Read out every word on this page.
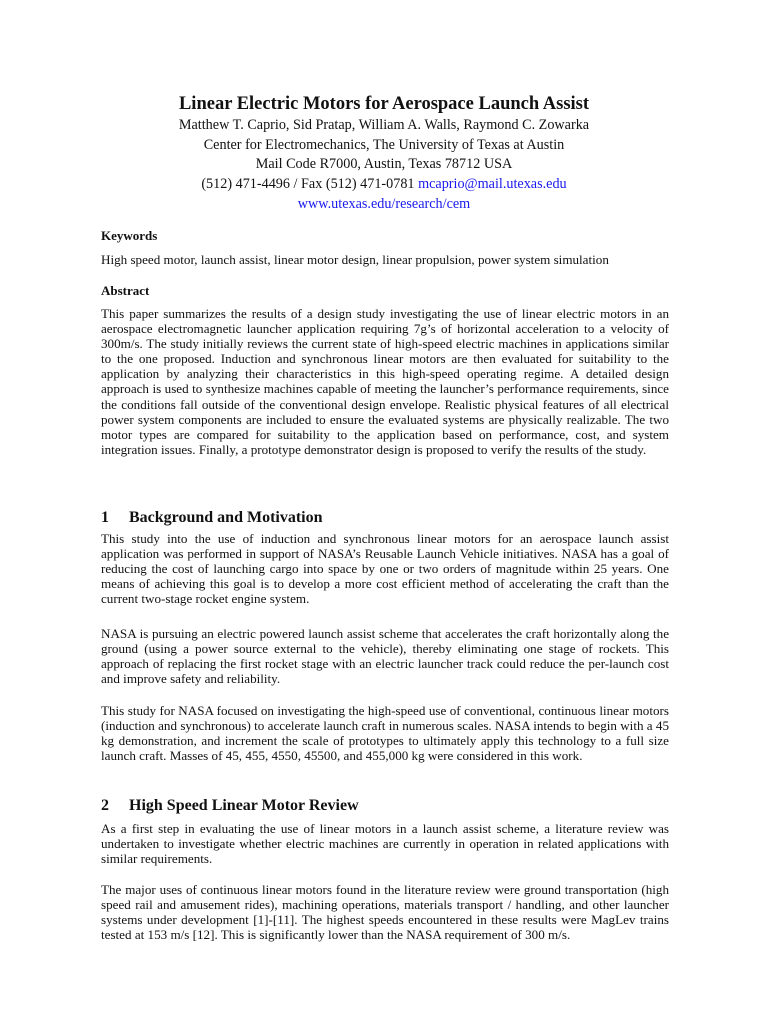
Linear Electric Motors for Aerospace Launch Assist
Matthew T. Caprio, Sid Pratap, William A. Walls, Raymond C. Zowarka
Center for Electromechanics, The University of Texas at Austin
Mail Code R7000, Austin, Texas 78712 USA
(512) 471-4496 / Fax (512) 471-0781 mcaprio@mail.utexas.edu
www.utexas.edu/research/cem
Keywords
High speed motor, launch assist, linear motor design, linear propulsion, power system simulation
Abstract
This paper summarizes the results of a design study investigating the use of linear electric motors in an aerospace electromagnetic launcher application requiring 7g’s of horizontal acceleration to a velocity of 300m/s. The study initially reviews the current state of high-speed electric machines in applications similar to the one proposed. Induction and synchronous linear motors are then evaluated for suitability to the application by analyzing their characteristics in this high-speed operating regime. A detailed design approach is used to synthesize machines capable of meeting the launcher’s performance requirements, since the conditions fall outside of the conventional design envelope. Realistic physical features of all electrical power system components are included to ensure the evaluated systems are physically realizable. The two motor types are compared for suitability to the application based on performance, cost, and system integration issues. Finally, a prototype demonstrator design is proposed to verify the results of the study.
1 Background and Motivation
This study into the use of induction and synchronous linear motors for an aerospace launch assist application was performed in support of NASA’s Reusable Launch Vehicle initiatives. NASA has a goal of reducing the cost of launching cargo into space by one or two orders of magnitude within 25 years. One means of achieving this goal is to develop a more cost efficient method of accelerating the craft than the current two-stage rocket engine system.
NASA is pursuing an electric powered launch assist scheme that accelerates the craft horizontally along the ground (using a power source external to the vehicle), thereby eliminating one stage of rockets. This approach of replacing the first rocket stage with an electric launcher track could reduce the per-launch cost and improve safety and reliability.
This study for NASA focused on investigating the high-speed use of conventional, continuous linear motors (induction and synchronous) to accelerate launch craft in numerous scales. NASA intends to begin with a 45 kg demonstration, and increment the scale of prototypes to ultimately apply this technology to a full size launch craft. Masses of 45, 455, 4550, 45500, and 455,000 kg were considered in this work.
2 High Speed Linear Motor Review
As a first step in evaluating the use of linear motors in a launch assist scheme, a literature review was undertaken to investigate whether electric machines are currently in operation in related applications with similar requirements.
The major uses of continuous linear motors found in the literature review were ground transportation (high speed rail and amusement rides), machining operations, materials transport / handling, and other launcher systems under development [1]-[11]. The highest speeds encountered in these results were MagLev trains tested at 153 m/s [12]. This is significantly lower than the NASA requirement of 300 m/s.
